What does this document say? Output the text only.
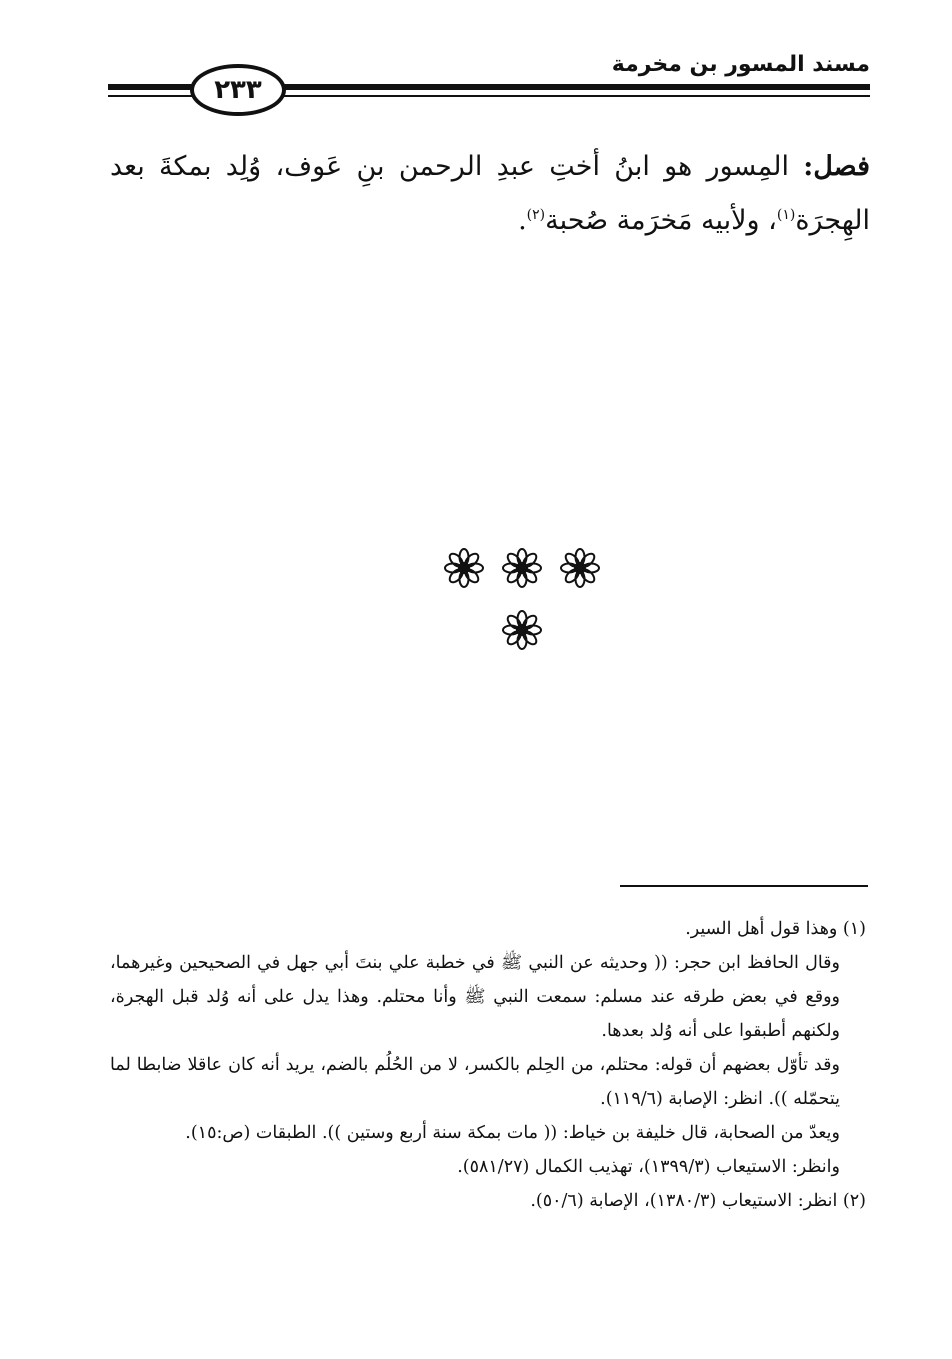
مسند المسور بن مخرمة
٢٣٣
فصل: المِسور هو ابنُ أختِ عبدِ الرحمن بنِ عَوف، وُلِد بمكةَ بعد الهِجرَة$^{(١)}$، ولأبيه مَخرَمة صُحبة$^{(٢)}$.

(١) وهذا قول أهل السير.

وقال الحافظ ابن حجر: (( وحديثه عن النبي ﷺ في خطبة علي بنتَ أبي جهل في الصحيحين وغيرهما، ووقع في بعض طرقه عند مسلم: سمعت النبي ﷺ وأنا محتلم. وهذا يدل على أنه وُلد قبل الهجرة، ولكنهم أطبقوا على أنه وُلد بعدها.

وقد تأوّل بعضهم أن قوله: محتلم، من الحِلم بالكسر، لا من الحُلُم بالضم، يريد أنه كان عاقلا ضابطا لما يتحمّله )). انظر: الإصابة (١١٩/٦).

ويعدّ من الصحابة، قال خليفة بن خياط: (( مات بمكة سنة أربع وستين )). الطبقات (ص:١٥).

وانظر: الاستيعاب (١٣٩٩/٣)، تهذيب الكمال (٥٨١/٢٧).

(٢) انظر: الاستيعاب (١٣٨٠/٣)، الإصابة (٥٠/٦).
